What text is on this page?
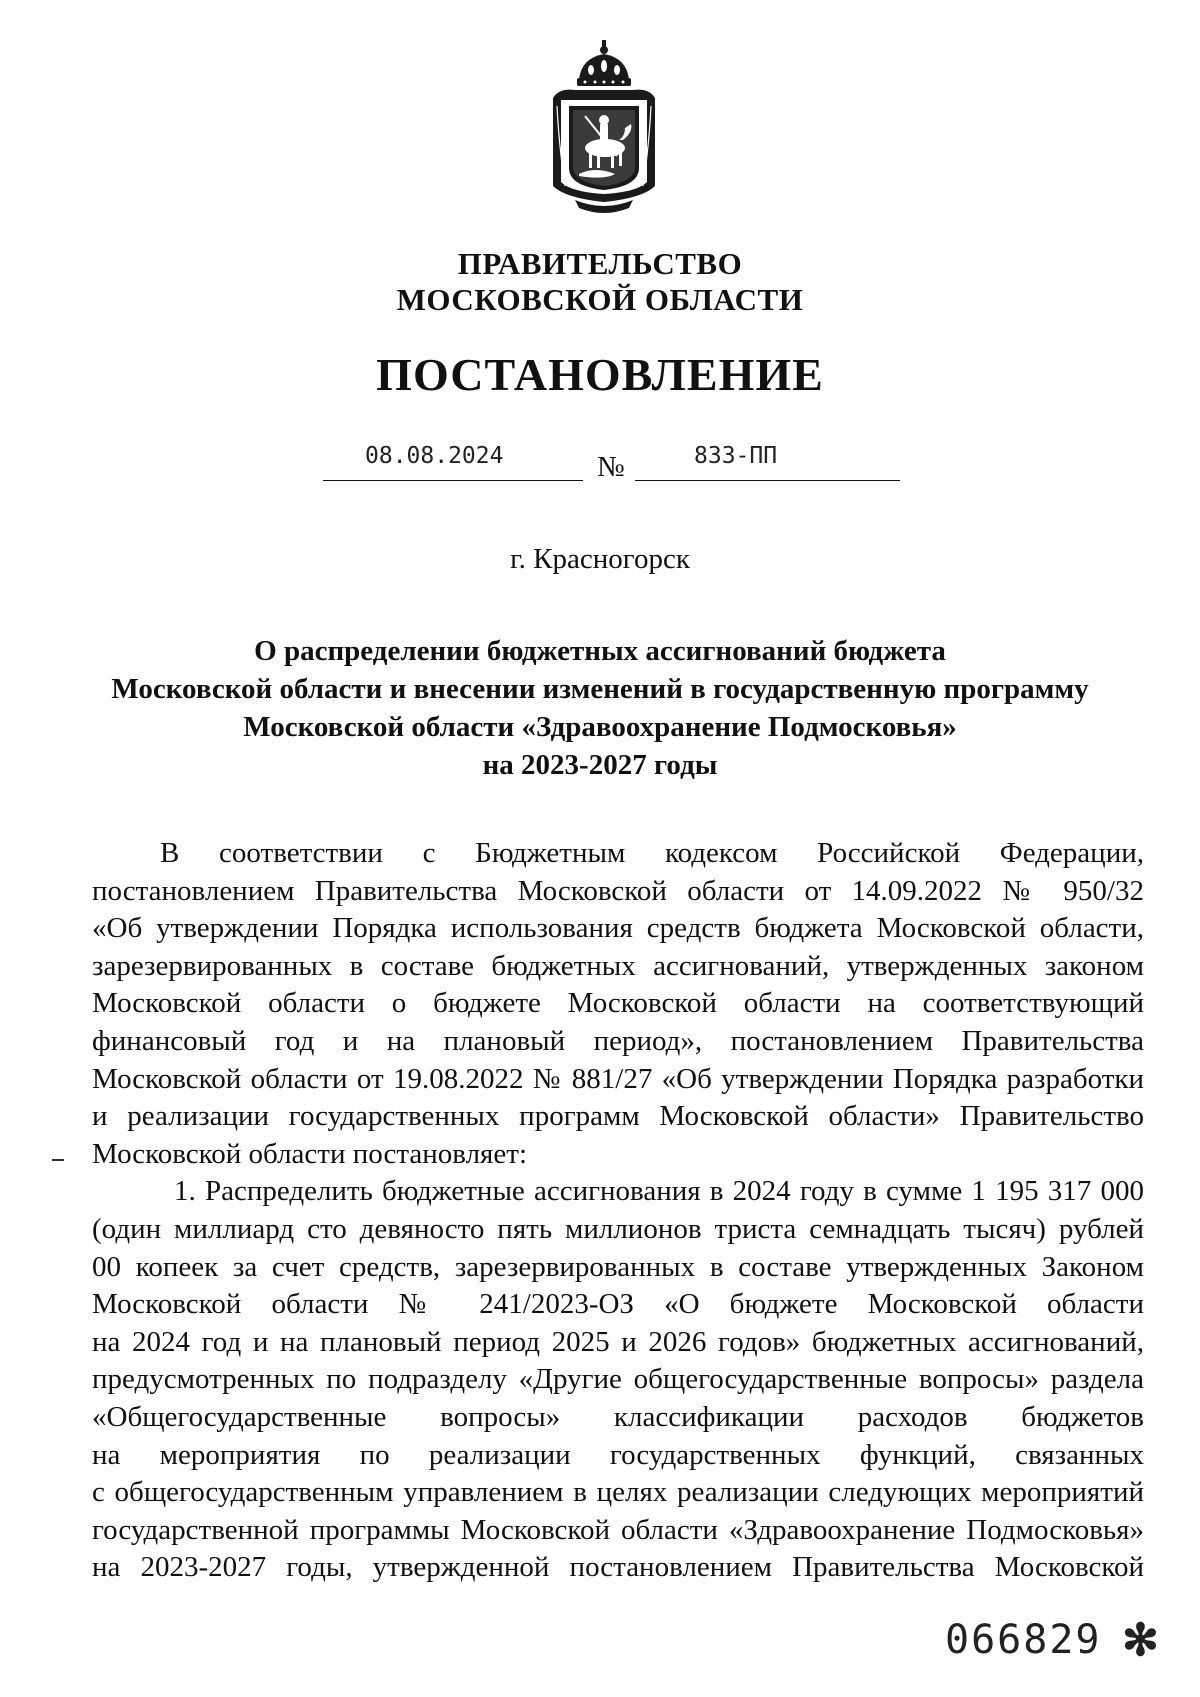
ПРАВИТЕЛЬСТВО
МОСКОВСКОЙ ОБЛАСТИ
ПОСТАНОВЛЕНИЕ
08.08.2024	№	833-ПП
г. Красногорск
О распределении бюджетных ассигнований бюджета
Московской области и внесении изменений в государственную программу
Московской области «Здравоохранение Подмосковья»
на 2023-2027 годы
В соответствии с Бюджетным кодексом Российской Федерации,
постановлением Правительства Московской области от 14.09.2022 № 950/32
«Об утверждении Порядка использования средств бюджета Московской области,
зарезервированных в составе бюджетных ассигнований, утвержденных законом
Московской области о бюджете Московской области на соответствующий
финансовый год и на плановый период», постановлением Правительства
Московской области от 19.08.2022 № 881/27 «Об утверждении Порядка разработки
и реализации государственных программ Московской области» Правительство
Московской области постановляет:
1. Распределить бюджетные ассигнования в 2024 году в сумме 1 195 317 000
(один миллиард сто девяносто пять миллионов триста семнадцать тысяч) рублей
00 копеек за счет средств, зарезервированных в составе утвержденных Законом
Московской области № 241/2023-ОЗ «О бюджете Московской области
на 2024 год и на плановый период 2025 и 2026 годов» бюджетных ассигнований,
предусмотренных по подразделу «Другие общегосударственные вопросы» раздела
«Общегосударственные вопросы» классификации расходов бюджетов
на мероприятия по реализации государственных функций, связанных
с общегосударственным управлением в целях реализации следующих мероприятий
государственной программы Московской области «Здравоохранение Подмосковья»
на 2023-2027 годы, утвержденной постановлением Правительства Московской
066829 ✻
